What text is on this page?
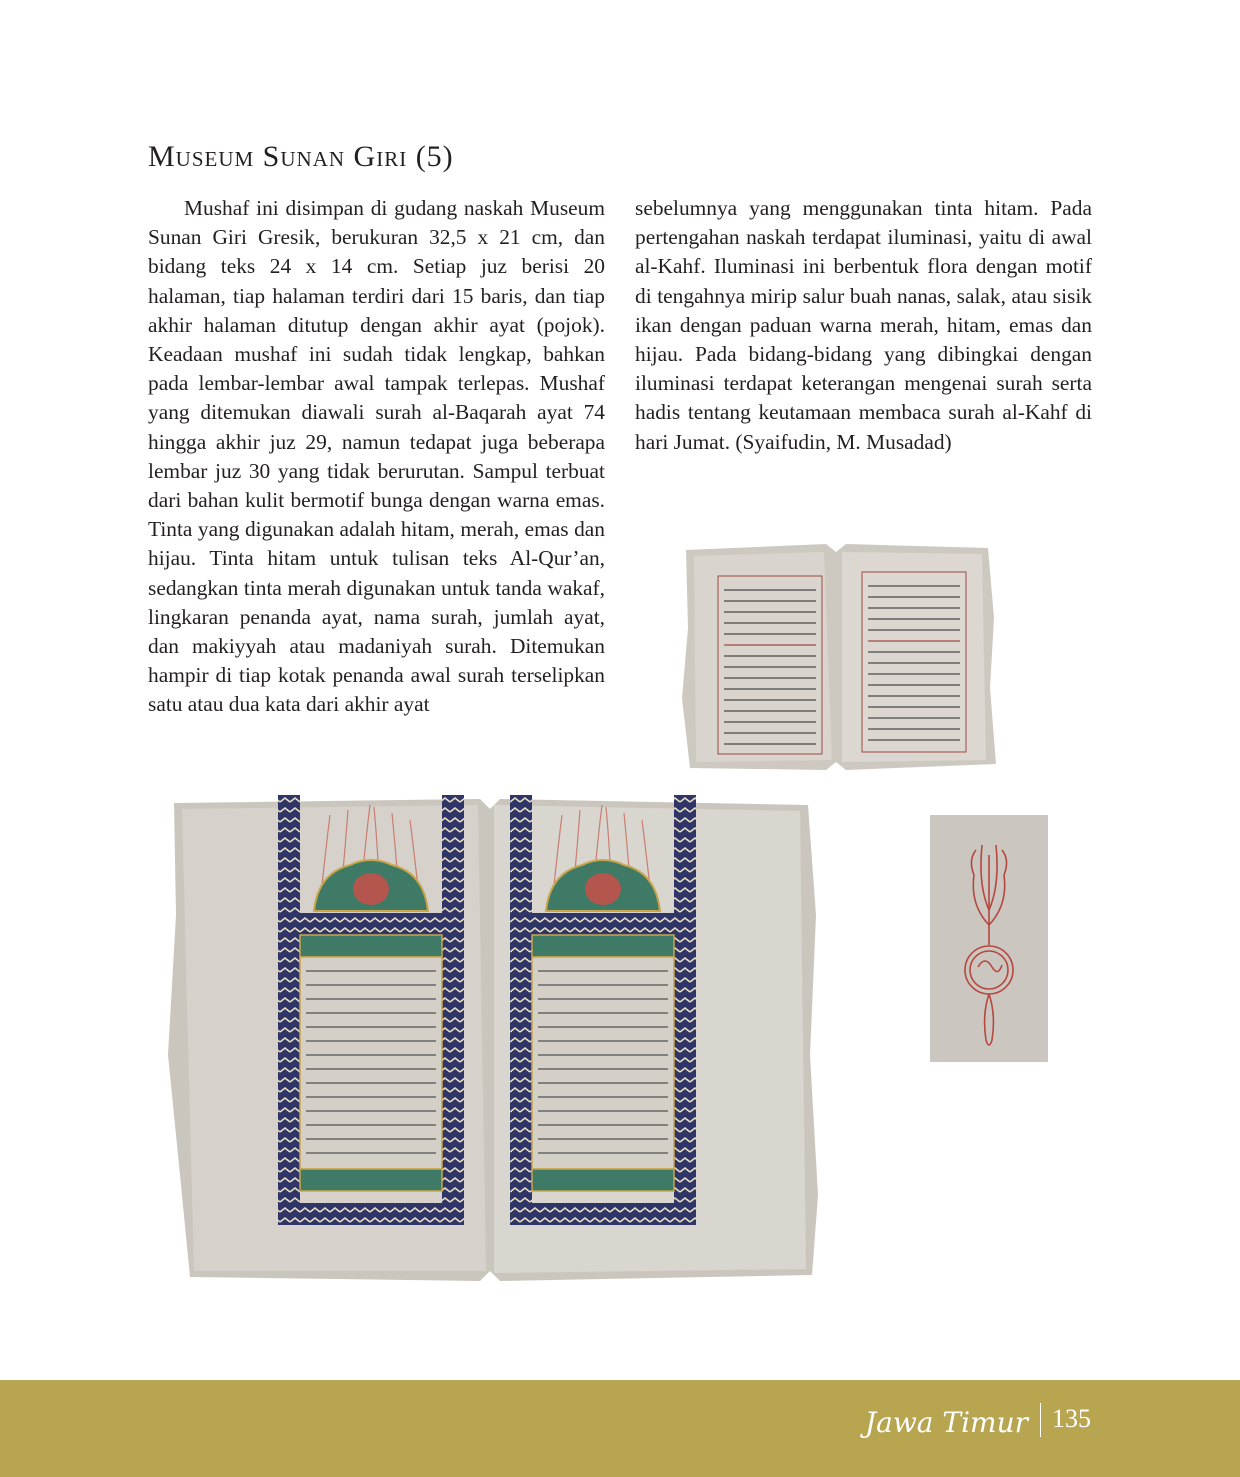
Museum Sunan Giri (5)

Mushaf ini disimpan di gudang naskah Museum Sunan Giri Gresik, berukuran 32,5 x 21 cm, dan bidang teks 24 x 14 cm. Setiap juz berisi 20 halaman, tiap halaman terdiri dari 15 baris, dan tiap akhir halaman ditutup dengan akhir ayat (pojok). Keadaan mushaf ini sudah tidak lengkap, bahkan pada lembar-lembar awal tampak terlepas. Mushaf yang ditemukan diawali surah al-Baqarah ayat 74 hingga akhir juz 29, namun tedapat juga beberapa lembar juz 30 yang tidak berurutan. Sampul terbuat dari bahan kulit bermotif bunga dengan warna emas. Tinta yang digunakan adalah hitam, merah, emas dan hijau. Tinta hitam untuk tulisan teks Al-Qur’an, sedangkan tinta merah digunakan untuk tanda wakaf, lingkaran penanda ayat, nama surah, jumlah ayat, dan makiyyah atau madaniyah surah. Ditemukan hampir di tiap kotak penanda awal surah terselipkan satu atau dua kata dari akhir ayat

sebelumnya yang menggunakan tinta hitam. Pada pertengahan naskah terdapat iluminasi, yaitu di awal al-Kahf. Iluminasi ini berbentuk flora dengan motif di tengahnya mirip salur buah nanas, salak, atau sisik ikan dengan paduan warna merah, hitam, emas dan hijau. Pada bidang-bidang yang dibingkai dengan iluminasi terdapat keterangan mengenai surah serta hadis tentang keutamaan membaca surah al-Kahf di hari Jumat. (Syaifudin, M. Musadad)

Jawa Timur 135
